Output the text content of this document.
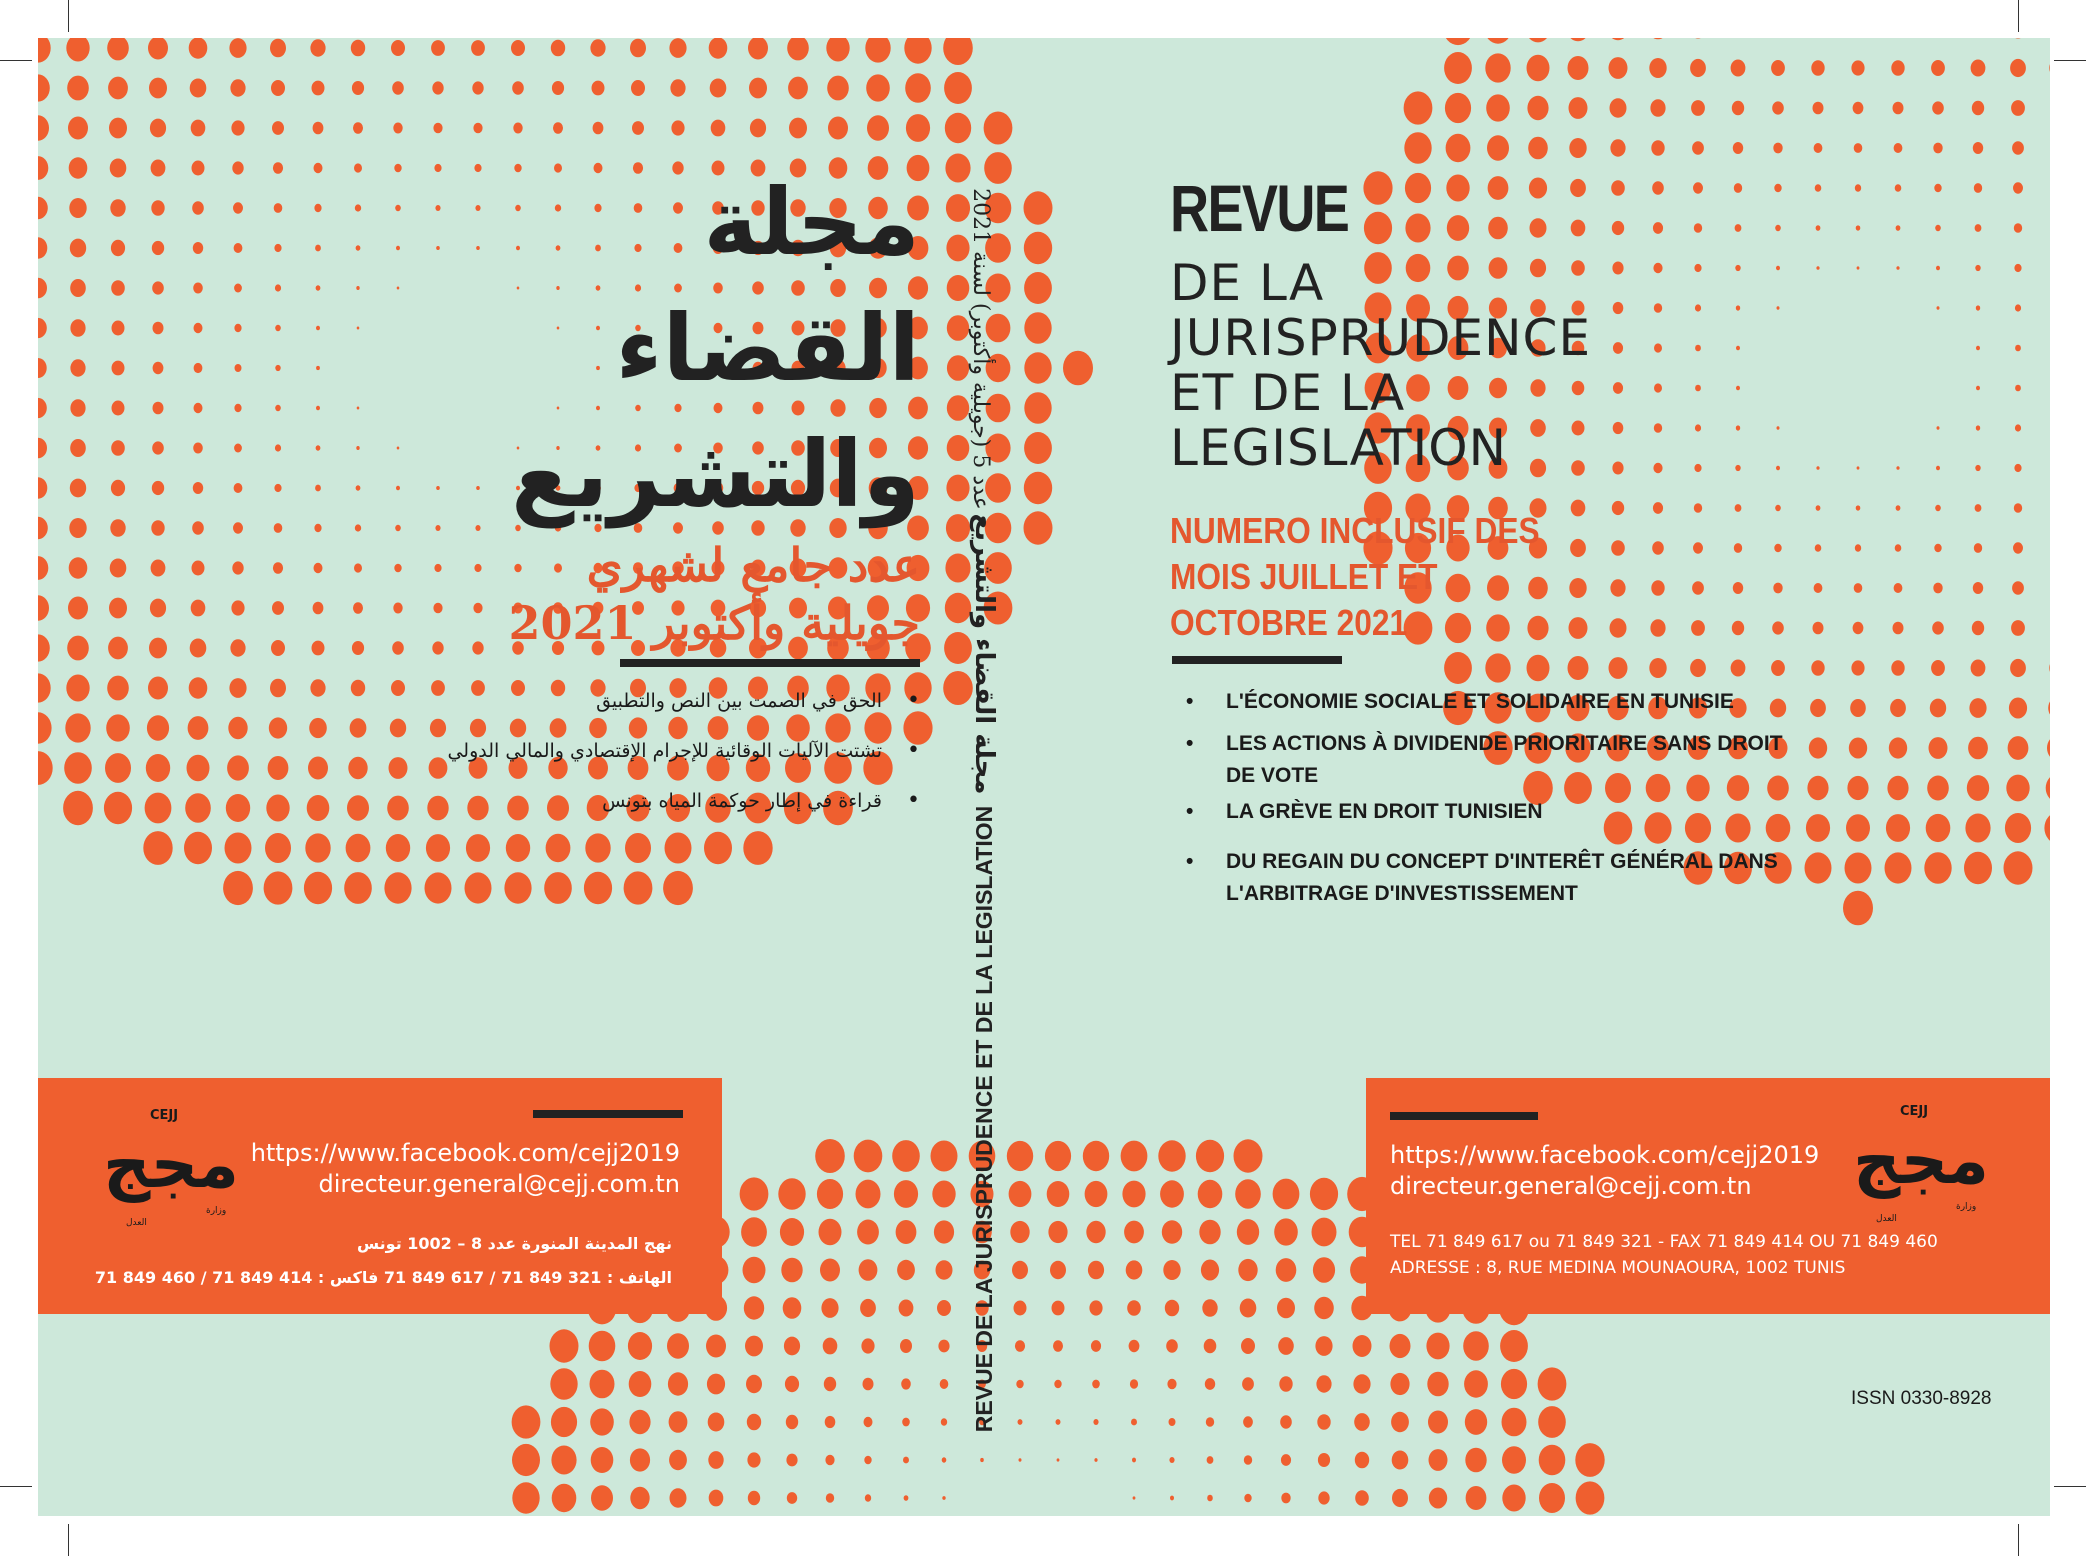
مجلة
القضاء
والتشريع
عدد جامع لشهري
جويلية وأكتوبر 2021
الحق في الصمت بين النص والتطبيق •
تشتت الآليات الوقائية للإجرام الإقتصادي والمالي الدولي •
قراءة في إطار حوكمة المياه بتونس •
https://www.facebook.com/cejj2019
directeur.general@cejj.com.tn
نهج المدينة المنورة عدد 8 – 1002 تونس
الهاتف : 321 849 71 / 617 849 71 فاكس : 414 849 71 / 460 849 71
CEJJ
مجج
العدل
وزارة
عدد 5 (جويلية وأكتوبر) لسنة 2021
مجلة القضاء والتشريع
REVUE DE LA JURISPRUDENCE ET DE LA LEGISLATION
REVUE
DE LA
JURISPRUDENCE
ET DE LA
LEGISLATION
NUMERO INCLUSIF DES
MOIS JUILLET ET
OCTOBRE 2021
• L'ÉCONOMIE SOCIALE ET SOLIDAIRE EN TUNISIE
• LES ACTIONS À DIVIDENDE PRIORITAIRE SANS DROIT DE VOTE
• LA GRÈVE EN DROIT TUNISIEN
• DU REGAIN DU CONCEPT D'INTERÊT GÉNÉRAL DANS L'ARBITRAGE D'INVESTISSEMENT
https://www.facebook.com/cejj2019
directeur.general@cejj.com.tn
TEL 71 849 617 ou 71 849 321 - FAX 71 849 414 OU 71 849 460
ADRESSE : 8, RUE MEDINA MOUNAOURA, 1002 TUNIS
CEJJ
مجج
العدل
وزارة
ISSN 0330-8928
